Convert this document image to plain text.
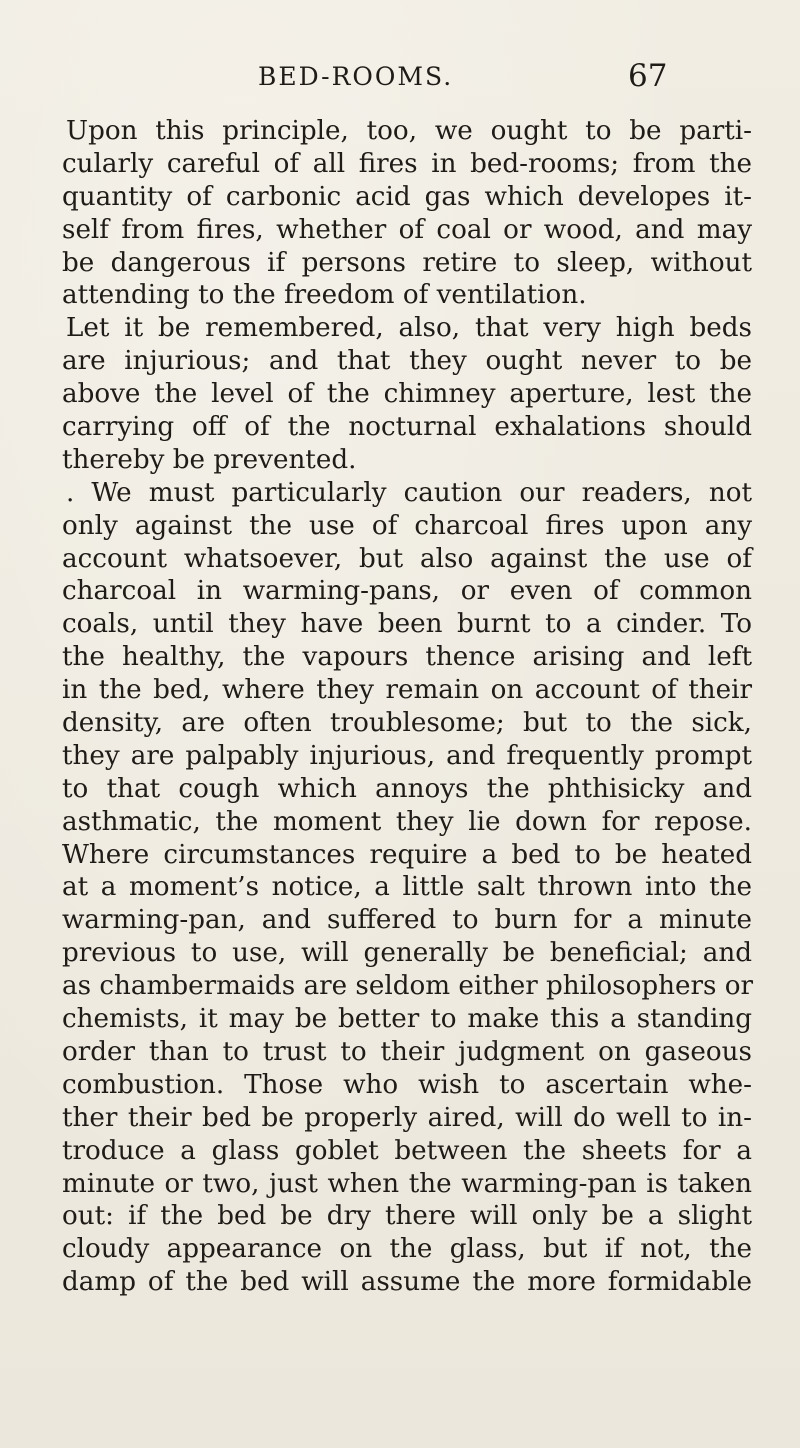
BED-ROOMS.	67
Upon this principle, too, we ought to be parti-
cularly careful of all fires in bed-rooms; from the
quantity of carbonic acid gas which developes it-
self from fires, whether of coal or wood, and may
be dangerous if persons retire to sleep, without
attending to the freedom of ventilation.
Let it be remembered, also, that very high beds
are injurious; and that they ought never to be
above the level of the chimney aperture, lest the
carrying off of the nocturnal exhalations should
thereby be prevented.
. We must particularly caution our readers, not
only against the use of charcoal fires upon any
account whatsoever, but also against the use of
charcoal in warming-pans, or even of common
coals, until they have been burnt to a cinder. To
the healthy, the vapours thence arising and left
in the bed, where they remain on account of their
density, are often troublesome; but to the sick,
they are palpably injurious, and frequently prompt
to that cough which annoys the phthisicky and
asthmatic, the moment they lie down for repose.
Where circumstances require a bed to be heated
at a moment’s notice, a little salt thrown into the
warming-pan, and suffered to burn for a minute
previous to use, will generally be beneficial; and
as chambermaids are seldom either philosophers or
chemists, it may be better to make this a standing
order than to trust to their judgment on gaseous
combustion. Those who wish to ascertain whe-
ther their bed be properly aired, will do well to in-
troduce a glass goblet between the sheets for a
minute or two, just when the warming-pan is taken
out: if the bed be dry there will only be a slight
cloudy appearance on the glass, but if not, the
damp of the bed will assume the more formidable
